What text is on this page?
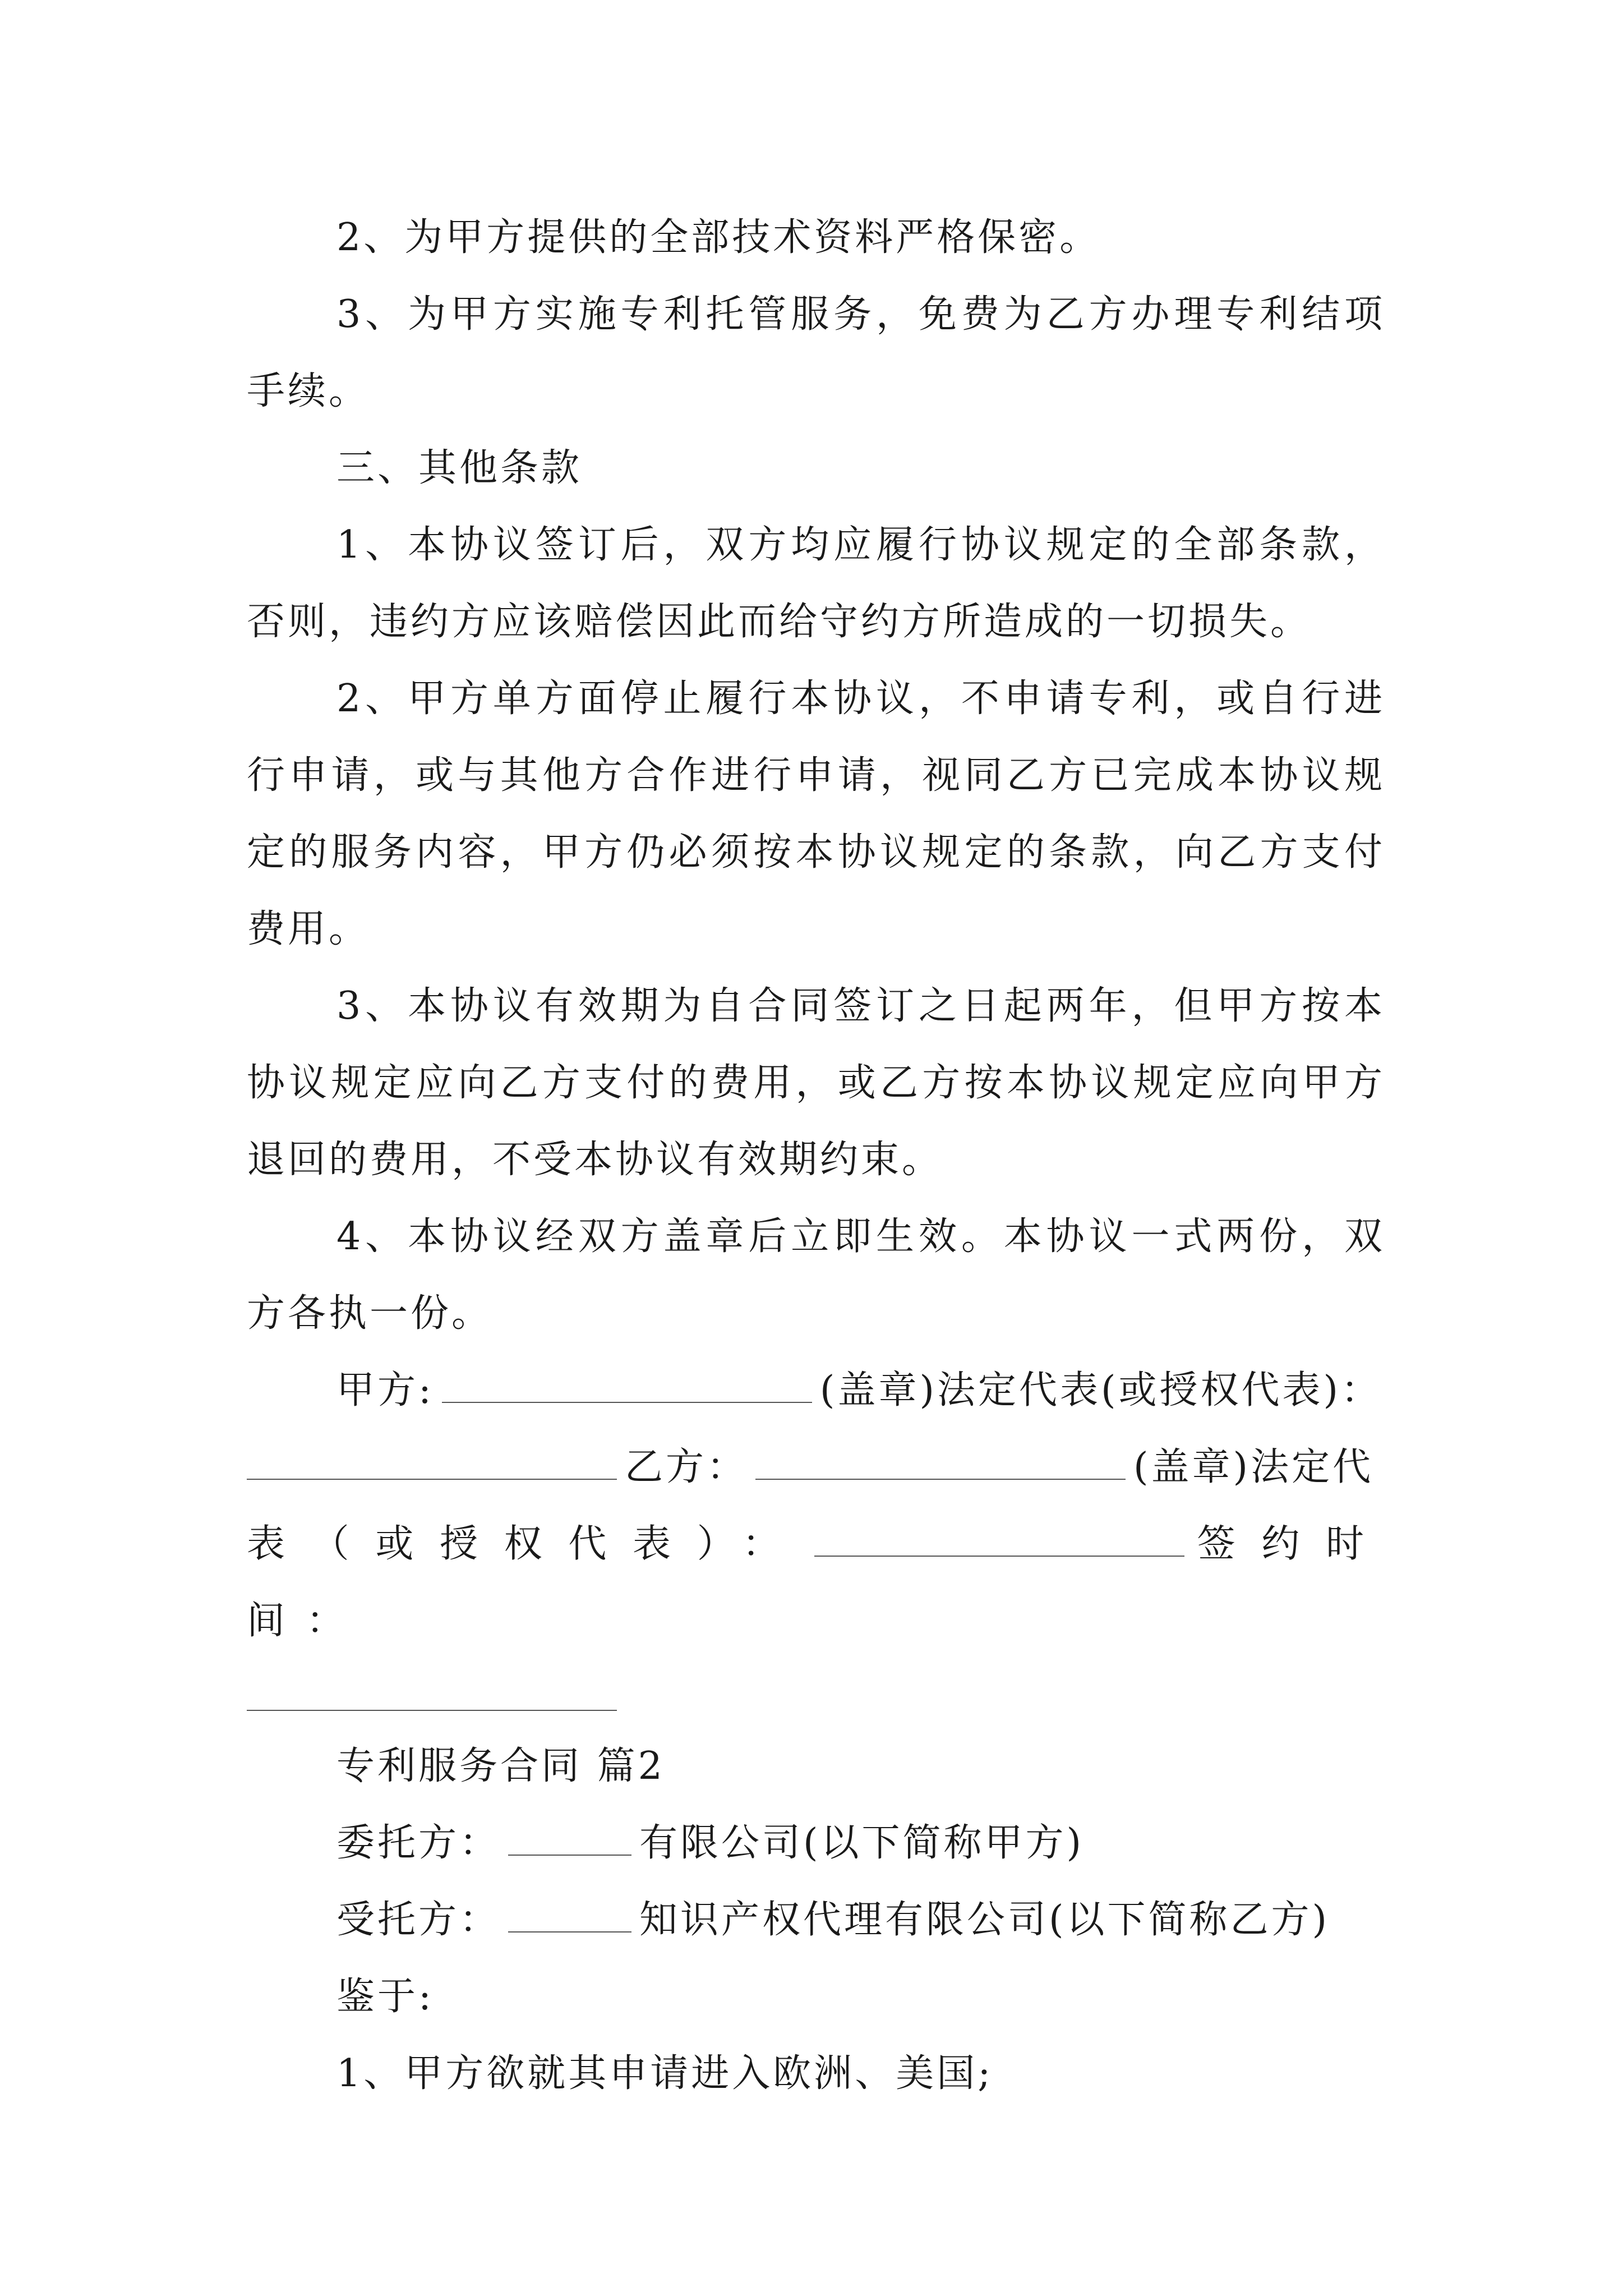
2、为甲方提供的全部技术资料严格保密。

3、为甲方实施专利托管服务，免费为乙方办理专利结项手续。

三、其他条款

1、本协议签订后，双方均应履行协议规定的全部条款，否则，违约方应该赔偿因此而给守约方所造成的一切损失。

2、甲方单方面停止履行本协议，不申请专利，或自行进行申请，或与其他方合作进行申请，视同乙方已完成本协议规定的服务内容，甲方仍必须按本协议规定的条款，向乙方支付费用。

3、本协议有效期为自合同签订之日起两年，但甲方按本协议规定应向乙方支付的费用，或乙方按本协议规定应向甲方退回的费用，不受本协议有效期约束。

4、本协议经双方盖章后立即生效。本协议一式两份，双方各执一份。

甲方:	(盖章)法定代表(或授权代表)：

乙方：	(盖章)法定代

表（或授权代表）：	签约时间：

专利服务合同 篇2

委托方：	有限公司(以下简称甲方)

受托方：	知识产权代理有限公司(以下简称乙方)

鉴于:

1、甲方欲就其申请进入欧洲、美国;
